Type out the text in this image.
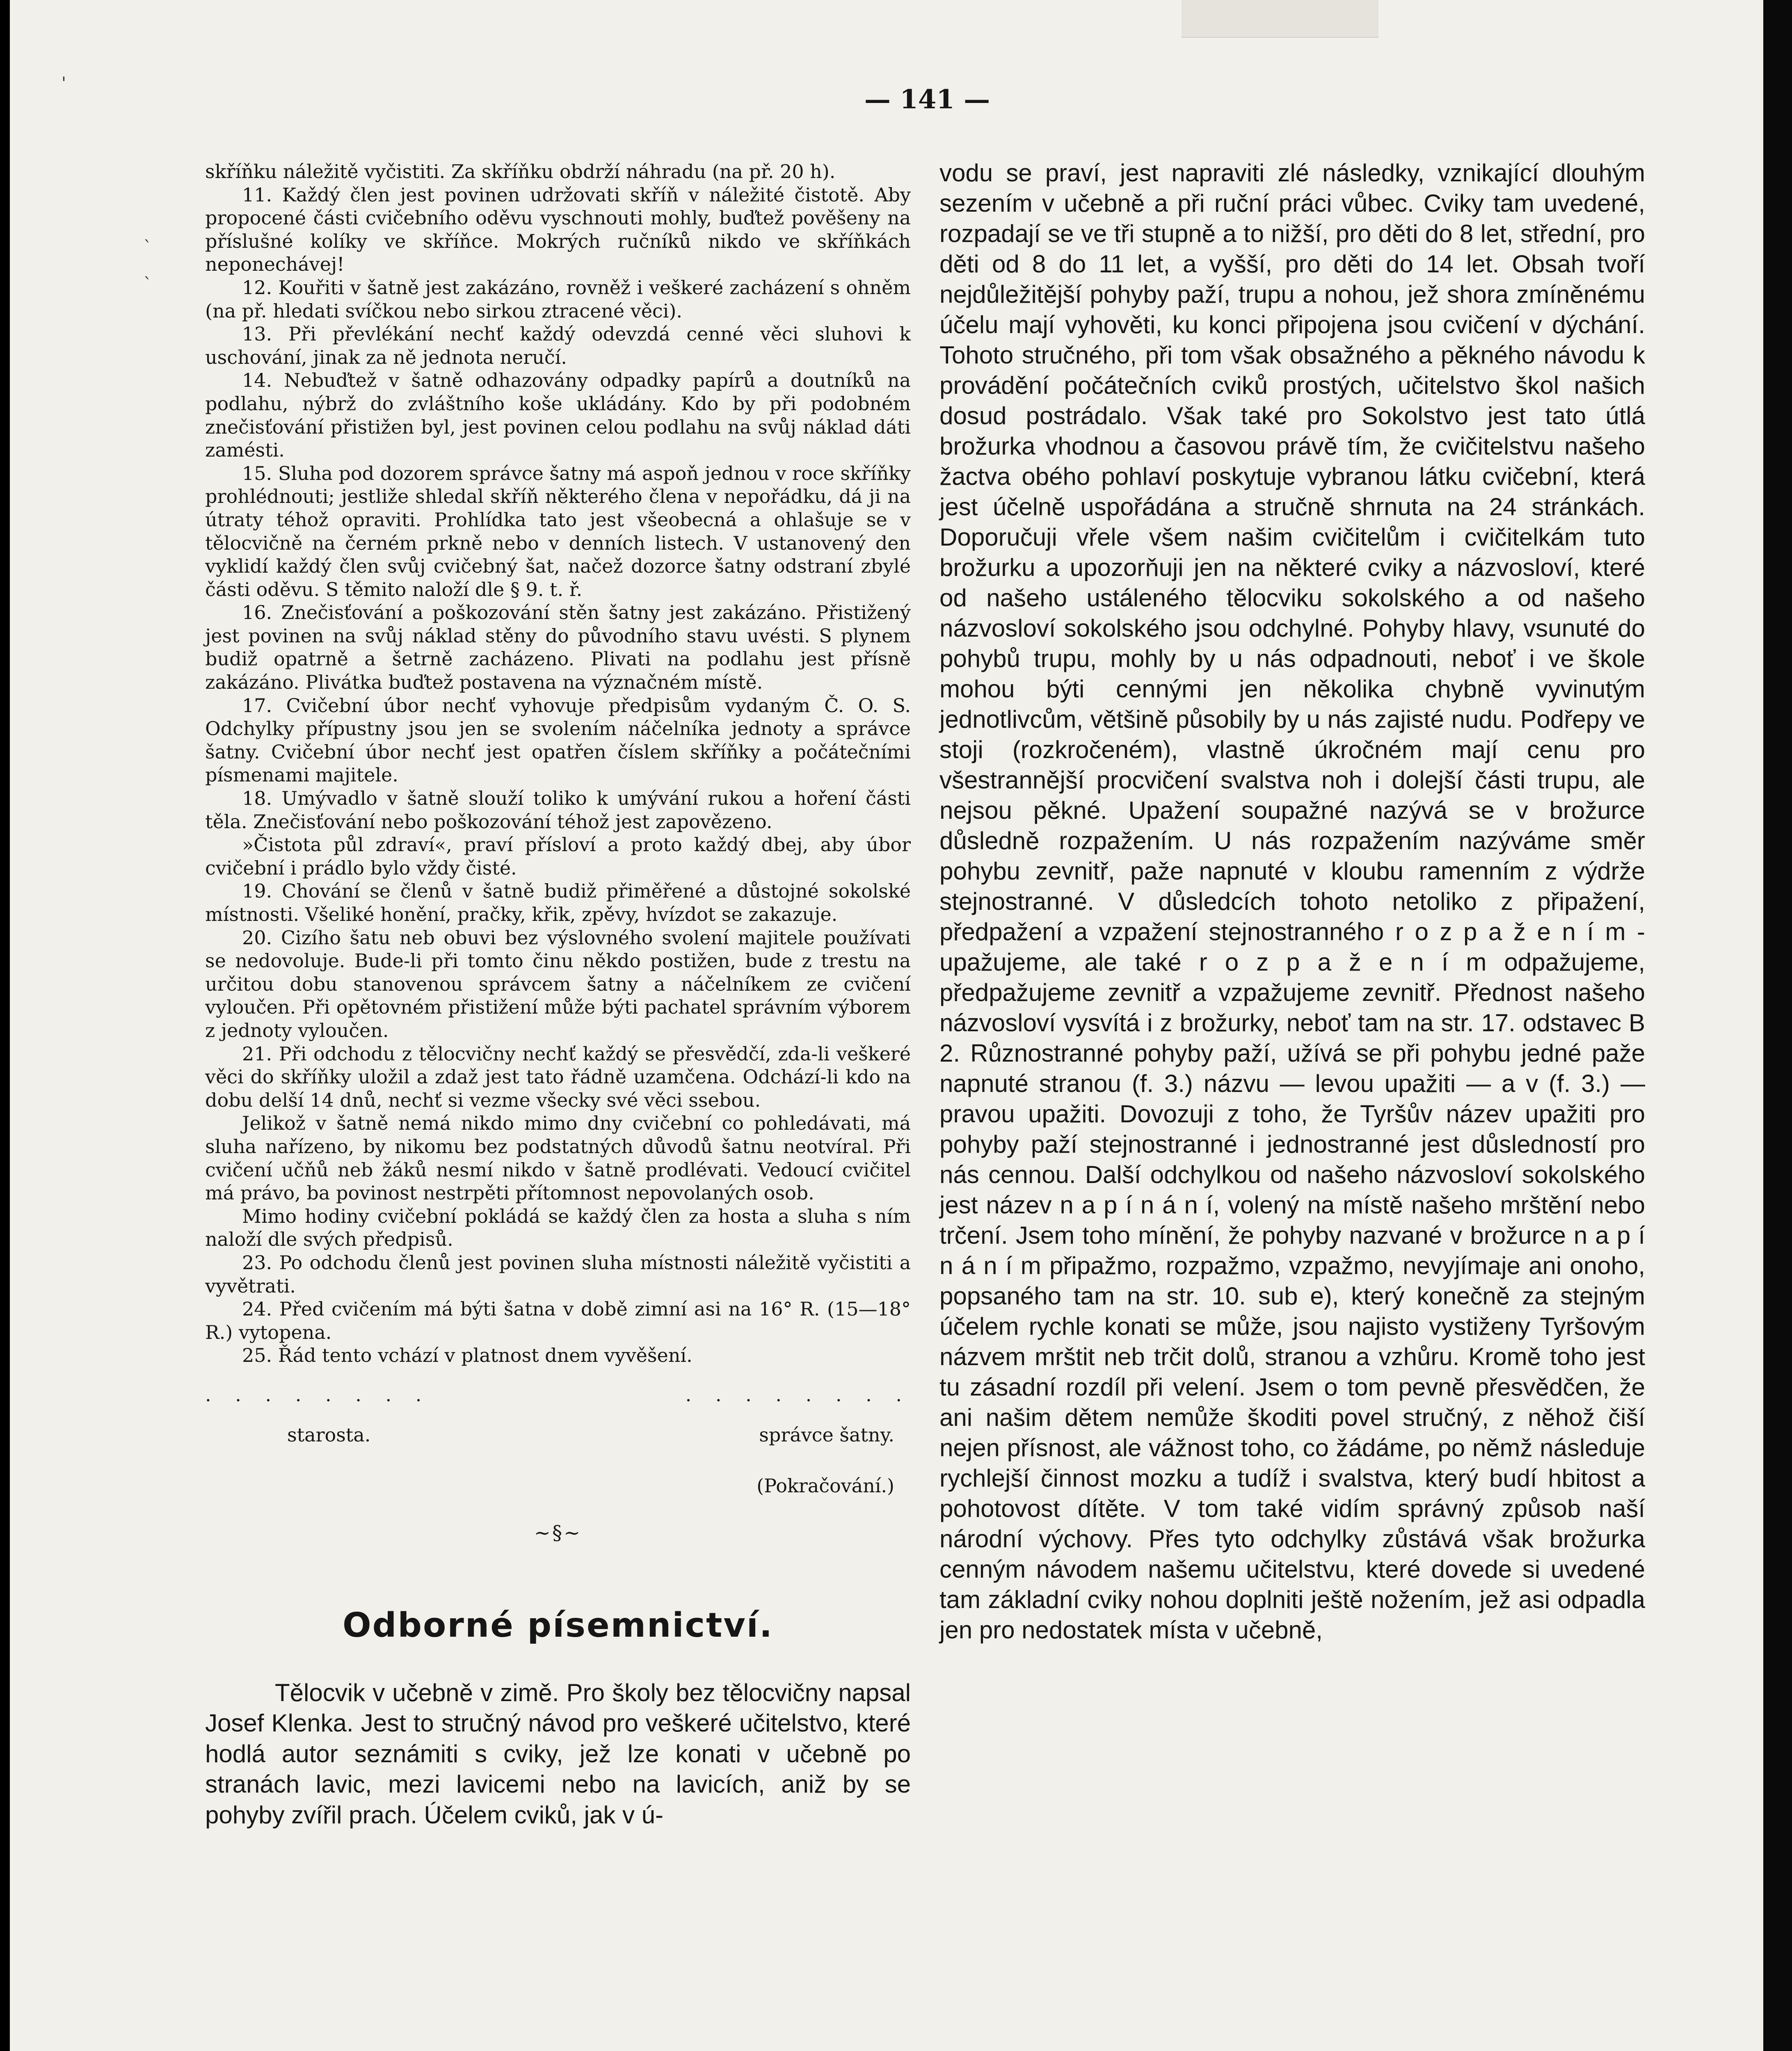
— 141 —

skříňku náležitě vyčistiti. Za skříňku obdrží náhradu (na př. 20 h).

11. Každý člen jest povinen udržovati skříň v náležité čistotě. Aby propocené části cvičebního oděvu vyschnouti mohly, buďtež pověšeny na příslušné kolíky ve skříňce. Mokrých ručníků nikdo ve skříňkách neponechávej!

12. Kouřiti v šatně jest zakázáno, rovněž i veškeré zacházení s ohněm (na př. hledati svíčkou nebo sirkou ztracené věci).

13. Při převlékání nechť každý odevzdá cenné věci sluhovi k uschování, jinak za ně jednota neručí.

14. Nebuďtež v šatně odhazovány odpadky papírů a doutníků na podlahu, nýbrž do zvláštního koše ukládány. Kdo by při podobném znečisťování přistižen byl, jest povinen celou podlahu na svůj náklad dáti zamésti.

15. Sluha pod dozorem správce šatny má aspoň jednou v roce skříňky prohlédnouti; jestliže shledal skříň některého člena v nepořádku, dá ji na útraty téhož opraviti. Prohlídka tato jest všeobecná a ohlašuje se v tělocvičně na černém prkně nebo v denních listech. V ustanovený den vyklidí každý člen svůj cvičebný šat, načež dozorce šatny odstraní zbylé části oděvu. S těmito naloží dle § 9. t. ř.

16. Znečisťování a poškozování stěn šatny jest zakázáno. Přistižený jest povinen na svůj náklad stěny do původního stavu uvésti. S plynem budiž opatrně a šetrně zacházeno. Plivati na podlahu jest přísně zakázáno. Plivátka buďtež postavena na význačném místě.

17. Cvičební úbor nechť vyhovuje předpisům vydaným Č. O. S. Odchylky přípustny jsou jen se svolením náčelníka jednoty a správce šatny. Cvičební úbor nechť jest opatřen číslem skříňky a počátečními písmenami majitele.

18. Umývadlo v šatně slouží toliko k umývání rukou a hoření části těla. Znečisťování nebo poškozování téhož jest zapovězeno.

»Čistota půl zdraví«, praví přísloví a proto každý dbej, aby úbor cvičební i prádlo bylo vždy čisté.

19. Chování se členů v šatně budiž přiměřené a důstojné sokolské místnosti. Všeliké honění, pračky, křik, zpěvy, hvízdot se zakazuje.

20. Cizího šatu neb obuvi bez výslovného svolení majitele používati se nedovoluje. Bude-li při tomto činu někdo postižen, bude z trestu na určitou dobu stanovenou správcem šatny a náčelníkem ze cvičení vyloučen. Při opětovném přistižení může býti pachatel správním výborem z jednoty vyloučen.

21. Při odchodu z tělocvičny nechť každý se přesvědčí, zda-li veškeré věci do skříňky uložil a zdaž jest tato řádně uzamčena. Odchází-li kdo na dobu delší 14 dnů, nechť si vezme všecky své věci ssebou.

Jelikož v šatně nemá nikdo mimo dny cvičební co pohledávati, má sluha nařízeno, by nikomu bez podstatných důvodů šatnu neotvíral. Při cvičení učňů neb žáků nesmí nikdo v šatně prodlévati. Vedoucí cvičitel má právo, ba povinost nestrpěti přítomnost nepovolaných osob.

Mimo hodiny cvičební pokládá se každý člen za hosta a sluha s ním naloží dle svých předpisů.

23. Po odchodu členů jest povinen sluha místnosti náležitě vyčistiti a vyvětrati.

24. Před cvičením má býti šatna v době zimní asi na 16° R. (15—18° R.) vytopena.

25. Řád tento vchází v platnost dnem vyvěšení.

. . . . . . . .	. . . . . . . .
starosta.	správce šatny.
(Pokračování.)
~§~
Odborné písemnictví.

Tělocvik v učebně v zimě. Pro školy bez tělocvičny napsal Josef Klenka. Jest to stručný návod pro veškeré učitelstvo, které hodlá autor seznámiti s cviky, jež lze konati v učebně po stranách lavic, mezi lavicemi nebo na lavicích, aniž by se pohyby zvířil prach. Účelem cviků, jak v ú-

vodu se praví, jest napraviti zlé následky, vznikající dlouhým sezením v učebně a při ruční práci vůbec. Cviky tam uvedené, rozpadají se ve tři stupně a to nižší, pro děti do 8 let, střední, pro děti od 8 do 11 let, a vyšší, pro děti do 14 let. Obsah tvoří nejdůležitější pohyby paží, trupu a nohou, jež shora zmíněnému účelu mají vyhověti, ku konci připojena jsou cvičení v dýchání. Tohoto stručného, při tom však obsažného a pěkného návodu k provádění počátečních cviků prostých, učitelstvo škol našich dosud postrádalo. Však také pro Sokolstvo jest tato útlá brožurka vhodnou a časovou právě tím, že cvičitelstvu našeho žactva obého pohlaví poskytuje vybranou látku cvičební, která jest účelně uspořádána a stručně shrnuta na 24 stránkách. Doporučuji vřele všem našim cvičitelům i cvičitelkám tuto brožurku a upozorňuji jen na některé cviky a názvosloví, které od našeho ustáleného tělocviku sokolského a od našeho názvosloví sokolského jsou odchylné. Pohyby hlavy, vsunuté do pohybů trupu, mohly by u nás odpadnouti, neboť i ve škole mohou býti cennými jen několika chybně vyvinutým jednotlivcům, většině působily by u nás zajisté nudu. Podřepy ve stoji (rozkročeném), vlastně úkročném mají cenu pro všestrannější procvičení svalstva noh i dolejší části trupu, ale nejsou pěkné. Upažení soupažné nazývá se v brožurce důsledně rozpažením. U nás rozpažením nazýváme směr pohybu zevnitř, paže napnuté v kloubu ramenním z výdrže stejnostranné. V důsledcích tohoto netoliko z připažení, předpažení a vzpažení stejnostranného r o z p a ž e n í m - upažujeme, ale také r o z p a ž e n í m odpažujeme, předpažujeme zevnitř a vzpažujeme zevnitř. Přednost našeho názvosloví vysvítá i z brožurky, neboť tam na str. 17. odstavec B 2. Různostranné pohyby paží, užívá se při pohybu jedné paže napnuté stranou (f. 3.) názvu — levou upažiti — a v (f. 3.) — pravou upažiti. Dovozuji z toho, že Tyršův název upažiti pro pohyby paží stejnostranné i jednostranné jest důsledností pro nás cennou. Další odchylkou od našeho názvosloví sokolského jest název n a p í n á n í, volený na místě našeho mrštění nebo trčení. Jsem toho mínění, že pohyby nazvané v brožurce n a p í n á n í m připažmo, rozpažmo, vzpažmo, nevyjímaje ani onoho, popsaného tam na str. 10. sub e), který konečně za stejným účelem rychle konati se může, jsou najisto vystiženy Tyršovým názvem mrštit neb trčit dolů, stranou a vzhůru. Kromě toho jest tu zásadní rozdíl při velení. Jsem o tom pevně přesvědčen, že ani našim dětem nemůže škoditi povel stručný, z něhož čiší nejen přísnost, ale vážnost toho, co žádáme, po němž následuje rychlejší činnost mozku a tudíž i svalstva, který budí hbitost a pohotovost dítěte. V tom také vidím správný způsob naší národní výchovy. Přes tyto odchylky zůstává však brožurka cenným návodem našemu učitelstvu, které dovede si uvedené tam základní cviky nohou doplniti ještě nožením, jež asi odpadla jen pro nedostatek místa v učebně,

'
`
`
